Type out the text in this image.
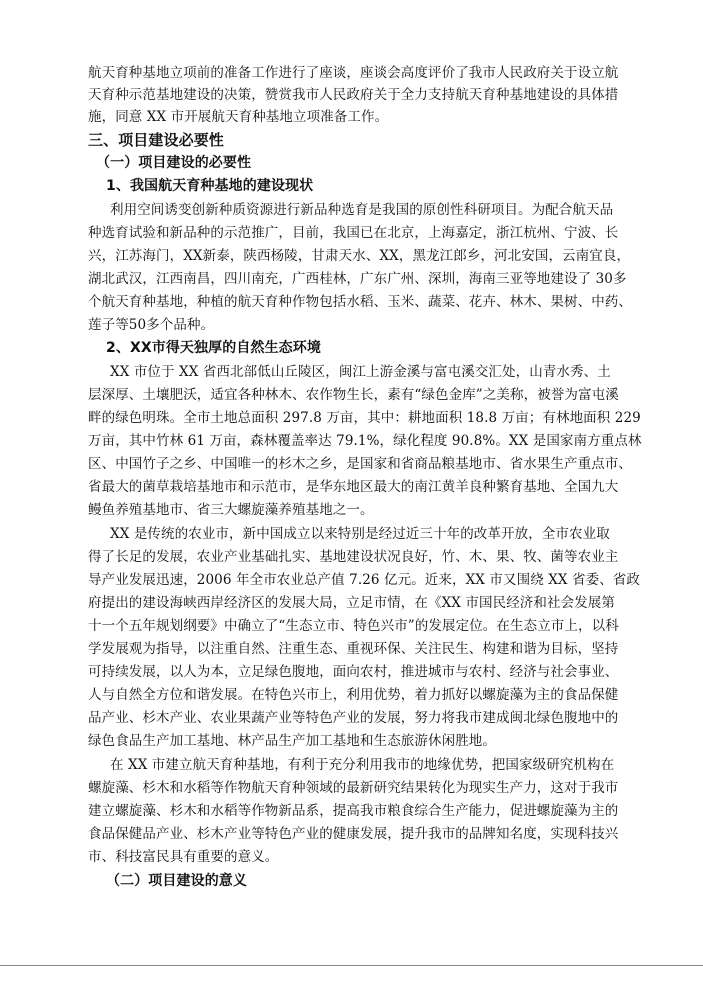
航天育种基地立项前的准备工作进行了座谈，座谈会高度评价了我市人民政府关于设立航
天育种示范基地建设的决策，赞赏我市人民政府关于全力支持航天育种基地建设的具体措
施，同意 XX 市开展航天育种基地立项准备工作。
三、项目建设必要性
（一）项目建设的必要性
1、我国航天育种基地的建设现状
利用空间诱变创新种质资源进行新品种选育是我国的原创性科研项目。为配合航天品
种选育试验和新品种的示范推广，目前，我国已在北京，上海嘉定，浙江杭州、宁波、长
兴，江苏海门，XX新泰，陕西杨陵，甘肃天水、XX，黑龙江郎乡，河北安国，云南宜良，
湖北武汉，江西南昌，四川南充，广西桂林，广东广州、深圳，海南三亚等地建设了 30多
个航天育种基地，种植的航天育种作物包括水稻、玉米、蔬菜、花卉、林木、果树、中药、
莲子等50多个品种。
2、XX市得天独厚的自然生态环境
XX 市位于 XX 省西北部低山丘陵区，闽江上游金溪与富屯溪交汇处，山青水秀、土
层深厚、土壤肥沃，适宜各种林木、农作物生长，素有“绿色金库”之美称，被誉为富屯溪
畔的绿色明珠。全市土地总面积 297.8 万亩，其中：耕地面积 18.8 万亩；有林地面积 229
万亩，其中竹林 61 万亩，森林覆盖率达 79.1%，绿化程度 90.8%。XX 是国家南方重点林
区、中国竹子之乡、中国唯一的杉木之乡，是国家和省商品粮基地市、省水果生产重点市、
省最大的菌草栽培基地市和示范市，是华东地区最大的南江黄羊良种繁育基地、全国九大
鳗鱼养殖基地市、省三大螺旋藻养殖基地之一。
XX 是传统的农业市，新中国成立以来特别是经过近三十年的改革开放，全市农业取
得了长足的发展，农业产业基础扎实、基地建设状况良好，竹、木、果、牧、菌等农业主
导产业发展迅速，2006 年全市农业总产值 7.26 亿元。近来，XX 市又围绕 XX 省委、省政
府提出的建设海峡西岸经济区的发展大局，立足市情，在《XX 市国民经济和社会发展第
十一个五年规划纲要》中确立了“生态立市、特色兴市”的发展定位。在生态立市上，以科
学发展观为指导，以注重自然、注重生态、重视环保、关注民生、构建和谐为目标，坚持
可持续发展，以人为本，立足绿色腹地，面向农村，推进城市与农村、经济与社会事业、
人与自然全方位和谐发展。在特色兴市上，利用优势，着力抓好以螺旋藻为主的食品保健
品产业、杉木产业、农业果蔬产业等特色产业的发展，努力将我市建成闽北绿色腹地中的
绿色食品生产加工基地、林产品生产加工基地和生态旅游休闲胜地。
在 XX 市建立航天育种基地，有利于充分利用我市的地缘优势，把国家级研究机构在
螺旋藻、杉木和水稻等作物航天育种领域的最新研究结果转化为现实生产力，这对于我市
建立螺旋藻、杉木和水稻等作物新品系，提高我市粮食综合生产能力，促进螺旋藻为主的
食品保健品产业、杉木产业等特色产业的健康发展，提升我市的品牌知名度，实现科技兴
市、科技富民具有重要的意义。
（二）项目建设的意义
